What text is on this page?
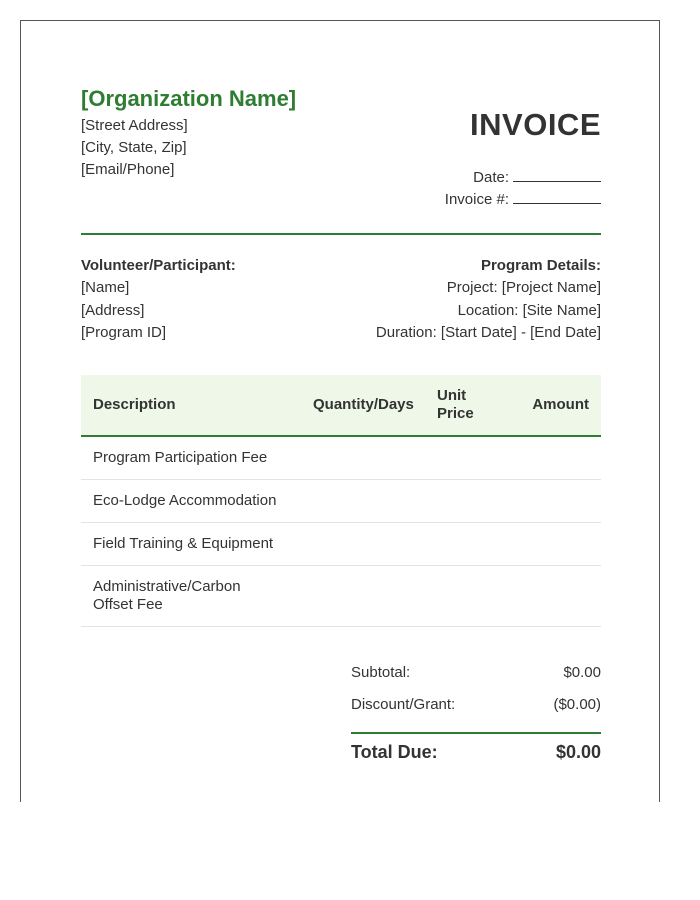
[Organization Name]
[Street Address]
[City, State, Zip]
[Email/Phone]
INVOICE
Date:
Invoice #:
Volunteer/Participant:
[Name]
[Address]
[Program ID]
Program Details:
Project: [Project Name]
Location: [Site Name]
Duration: [Start Date] - [End Date]
Description	Quantity/Days	Unit Price	Amount
Program Participation Fee			
Eco-Lodge Accommodation			
Field Training & Equipment			
Administrative/Carbon Offset Fee			
Subtotal:	$0.00
Discount/Grant:	($0.00)
Total Due:	$0.00
